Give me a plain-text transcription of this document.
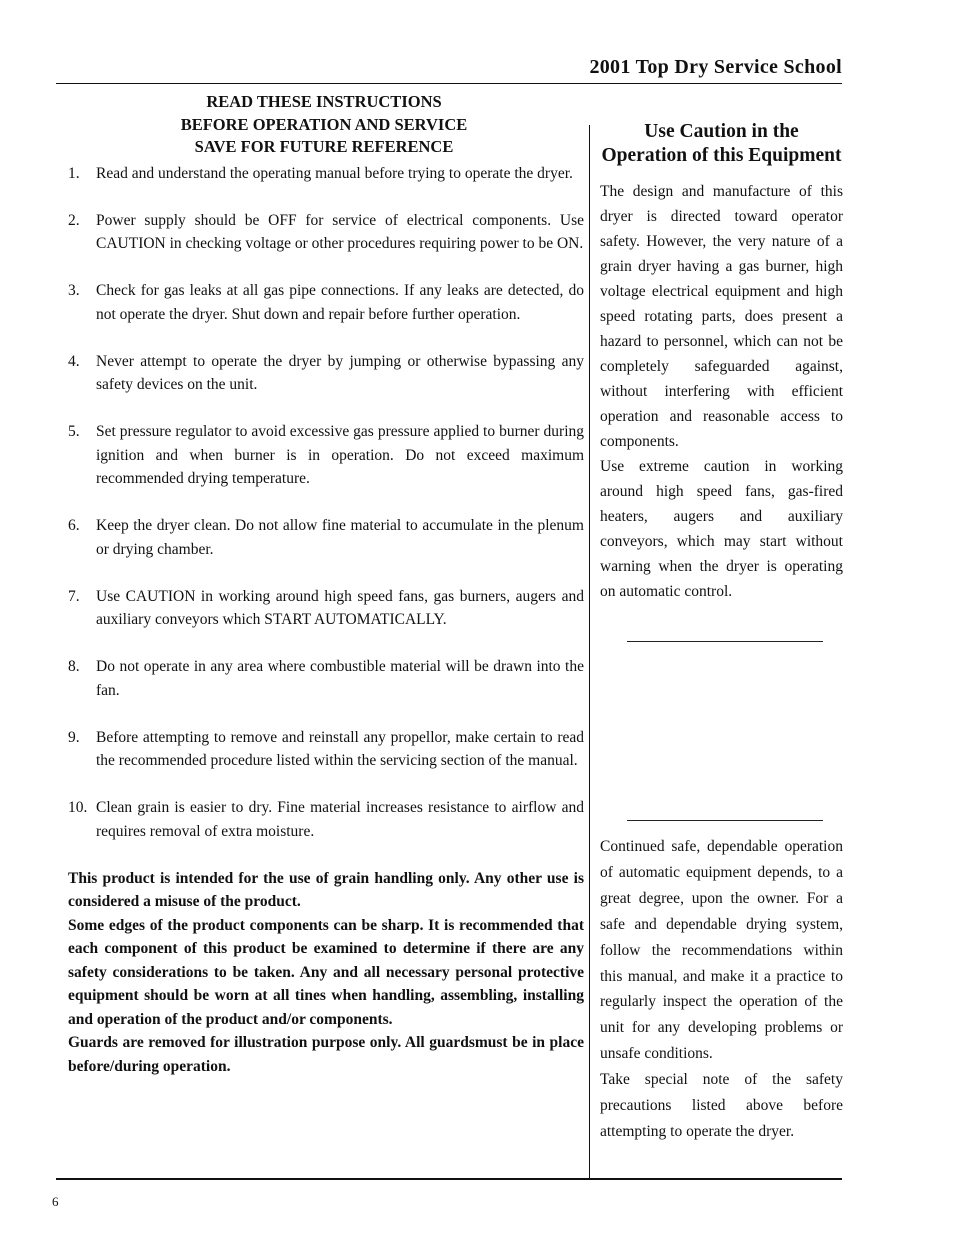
2001 Top Dry Service School
READ THESE INSTRUCTIONS
BEFORE OPERATION AND SERVICE
SAVE FOR FUTURE REFERENCE
1. Read and understand the operating manual before trying to operate the dryer.
2. Power supply should be OFF for service of electrical components. Use CAUTION in checking voltage or other procedures requiring power to be ON.
3. Check for gas leaks at all gas pipe connections. If any leaks are detected, do not operate the dryer. Shut down and repair before further operation.
4. Never attempt to operate the dryer by jumping or otherwise bypassing any safety devices on the unit.
5. Set pressure regulator to avoid excessive gas pressure applied to burner during ignition and when burner is in operation. Do not exceed maximum recommended drying temperature.
6. Keep the dryer clean. Do not allow fine material to accumulate in the plenum or drying chamber.
7. Use CAUTION in working around high speed fans, gas burners, augers and auxiliary conveyors which START AUTOMATICALLY.
8. Do not operate in any area where combustible material will be drawn into the fan.
9. Before attempting to remove and reinstall any propellor, make certain to read the recommended procedure listed within the servicing section of the manual.
10. Clean grain is easier to dry. Fine material increases resistance to airflow and requires removal of extra moisture.

This product is intended for the use of grain handling only. Any other use is considered a misuse of the product.

Some edges of the product components can be sharp. It is recommended that each component of this product be examined to determine if there are any safety considerations to be taken. Any and all necessary personal protective equipment should be worn at all tines when handling, assembling, installing and operation of the product and/or components.

Guards are removed for illustration purpose only. All guardsmust be in place before/during operation.

Use Caution in the Operation of this Equipment

The design and manufacture of this dryer is directed toward operator safety. However, the very nature of a grain dryer having a gas burner, high voltage electrical equipment and high speed rotating parts, does present a hazard to personnel, which can not be completely safeguarded against, without interfering with efficient operation and reasonable access to components.

Use extreme caution in working around high speed fans, gas-fired heaters, augers and auxiliary conveyors, which may start without warning when the dryer is operating on automatic control.

Continued safe, dependable operation of automatic equipment depends, to a great degree, upon the owner. For a safe and dependable drying system, follow the recommendations within this manual, and make it a practice to regularly inspect the operation of the unit for any developing problems or unsafe conditions.

Take special note of the safety precautions listed above before attempting to operate the dryer.

6
